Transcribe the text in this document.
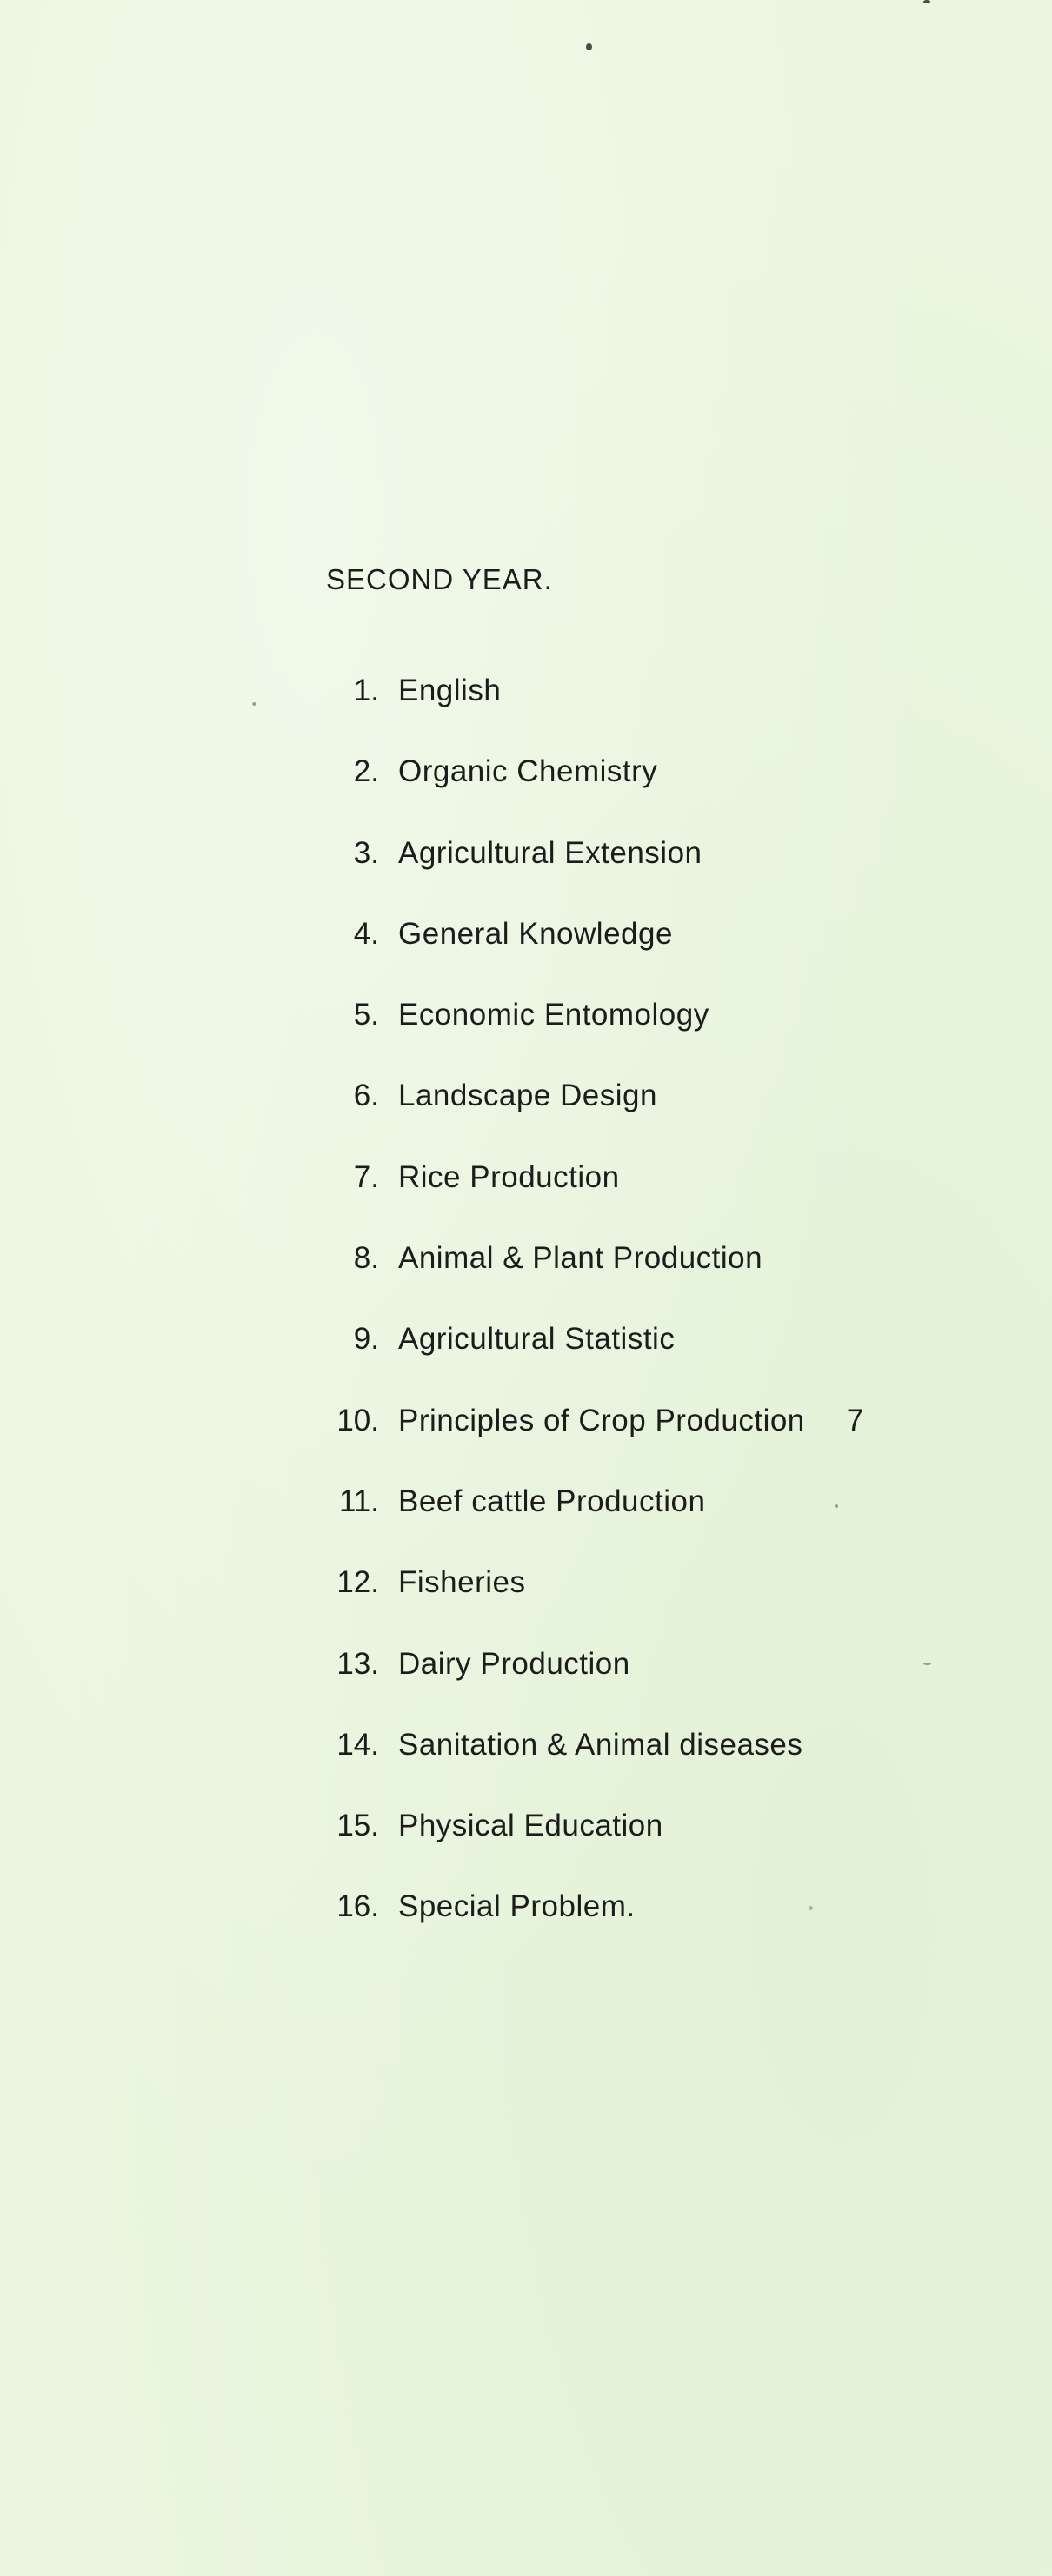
SECOND YEAR.
1. English
2. Organic Chemistry
3. Agricultural Extension
4. General Knowledge
5. Economic Entomology
6. Landscape Design
7. Rice Production
8. Animal & Plant Production
9. Agricultural Statistic
10. Principles of Crop Production 7
11. Beef cattle Production
12. Fisheries
13. Dairy Production
14. Sanitation & Animal diseases
15. Physical Education
16. Special Problem.
